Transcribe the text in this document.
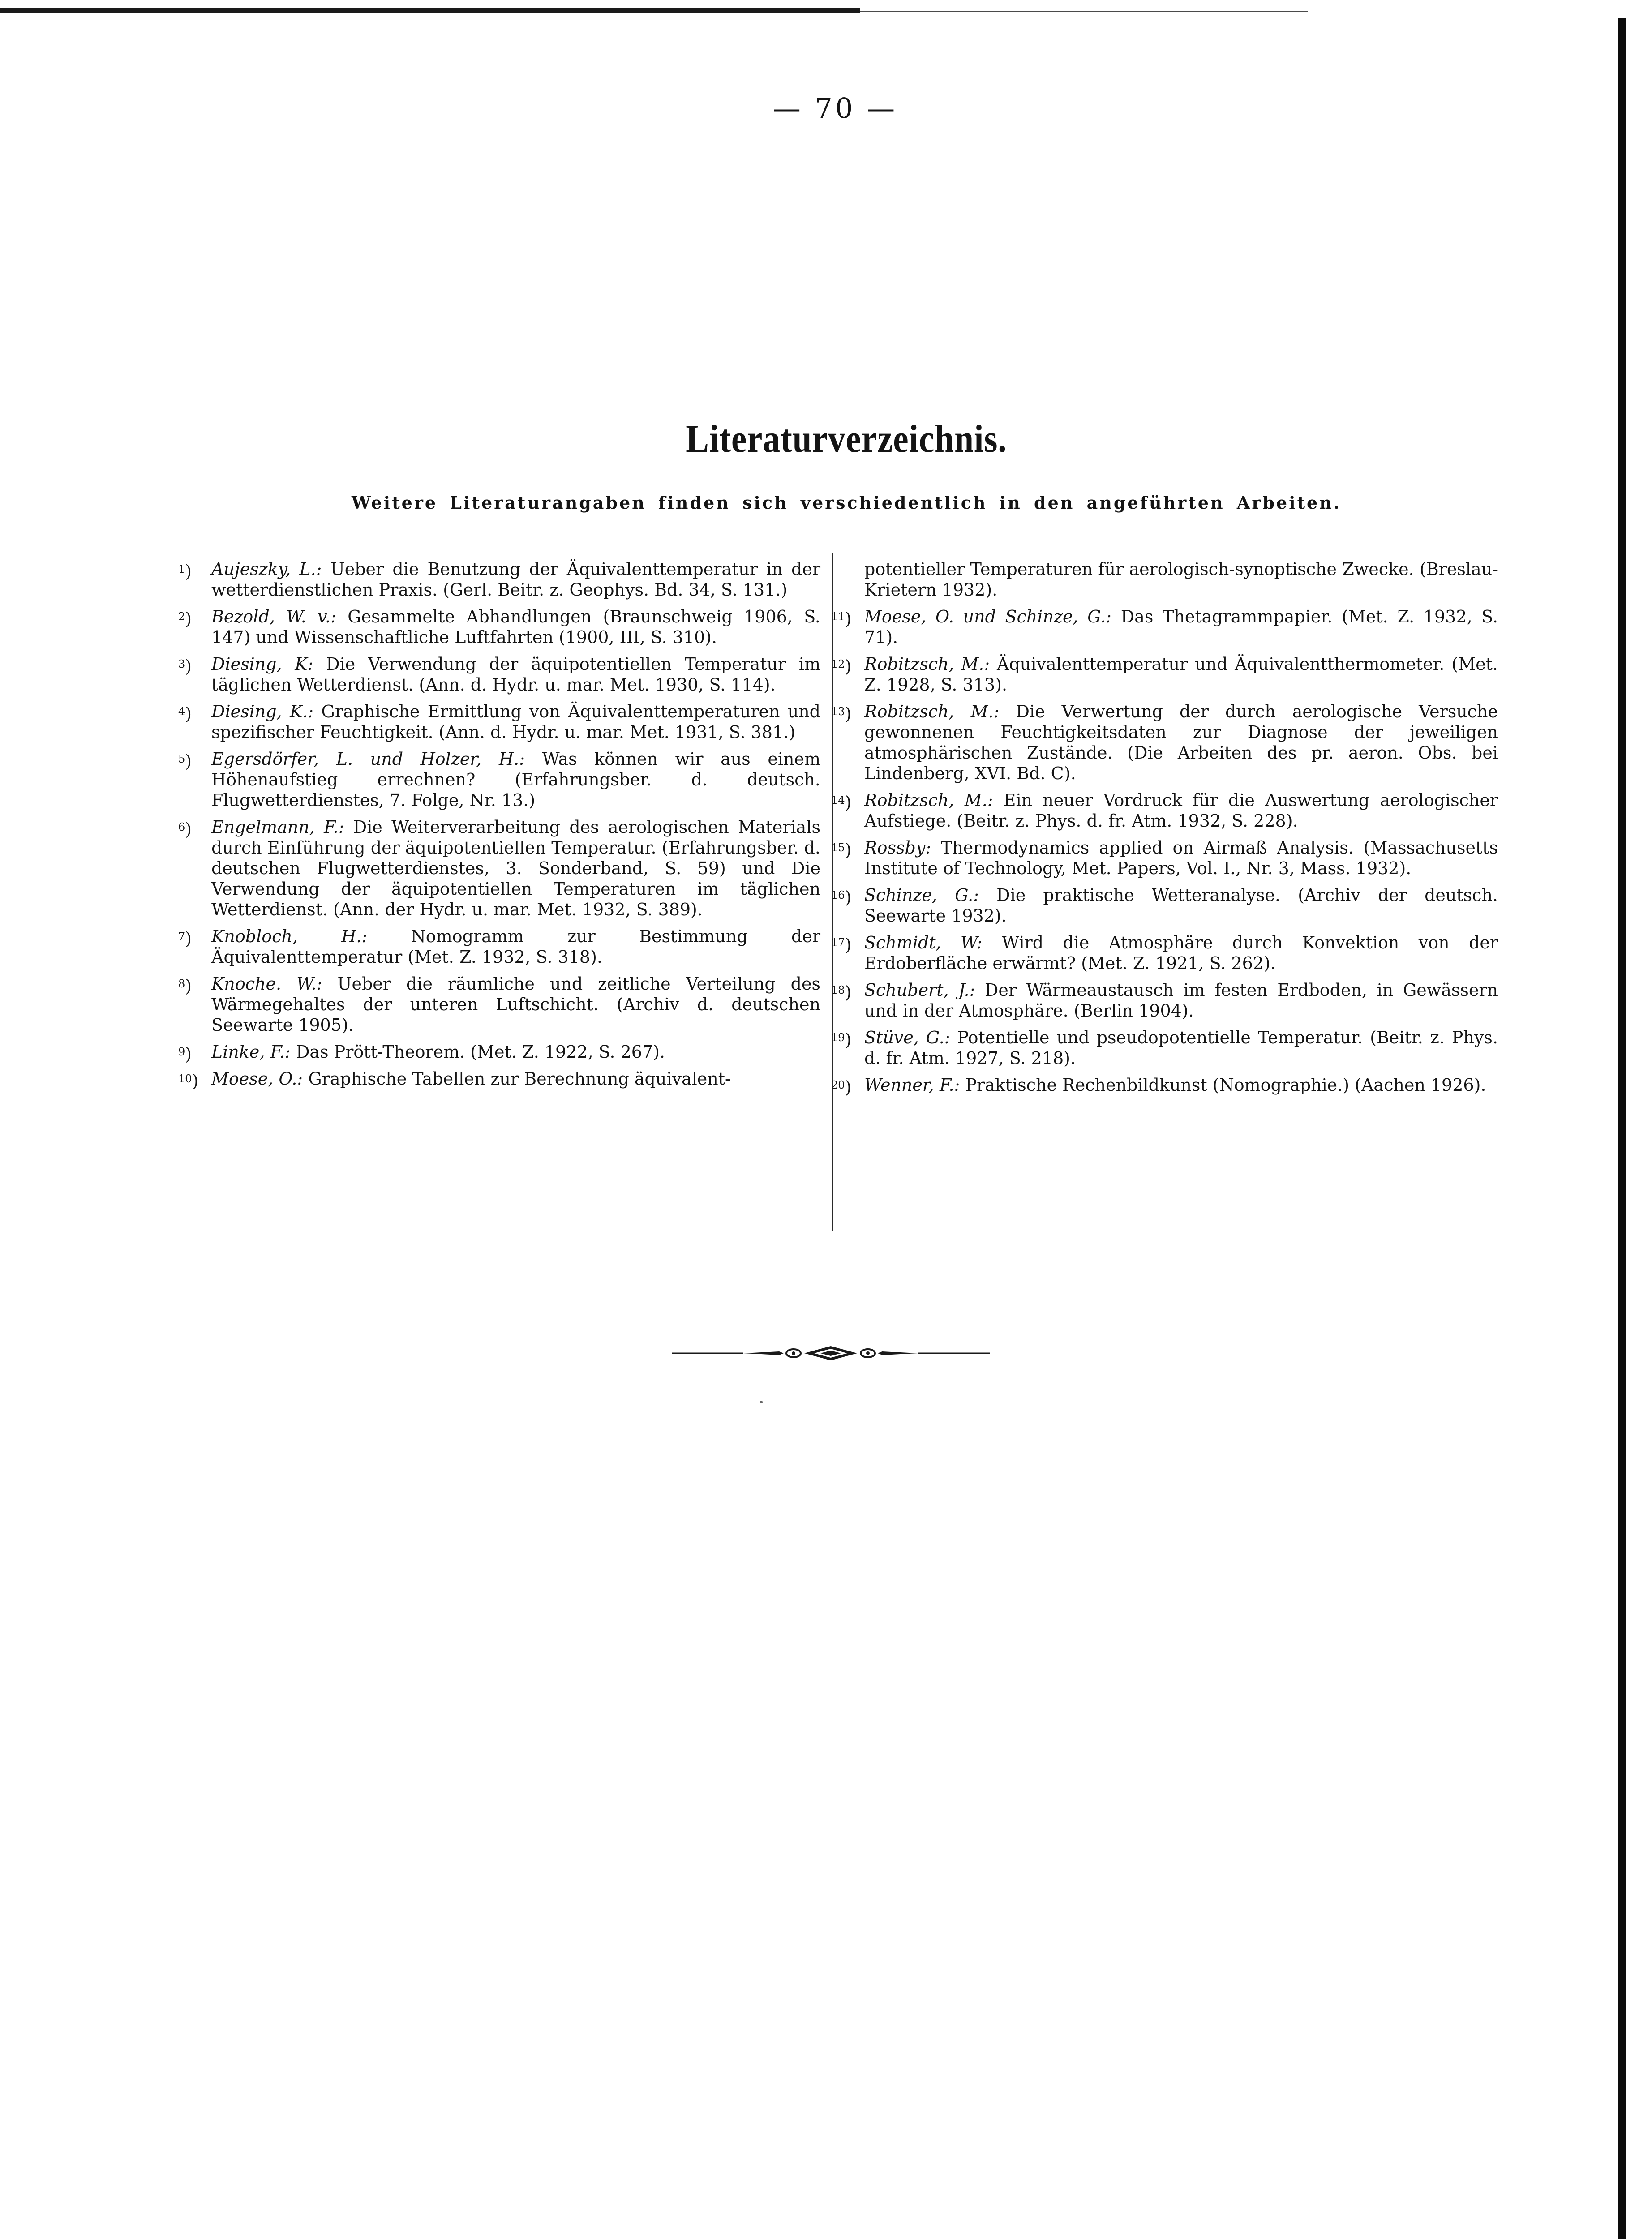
— 70 —
Literaturverzeichnis.
Weitere Literaturangaben finden sich verschiedentlich in den angeführten Arbeiten.
$^1$) Aujeszky, L.: Ueber die Benutzung der Äquivalenttemperatur in der wetterdienstlichen Praxis. (Gerl. Beitr. z. Geophys. Bd. 34, S. 131.)
$^2$) Bezold, W. v.: Gesammelte Abhandlungen (Braunschweig 1906, S. 147) und Wissenschaftliche Luftfahrten (1900, III, S. 310).
$^3$) Diesing, K: Die Verwendung der äquipotentiellen Temperatur im täglichen Wetterdienst. (Ann. d. Hydr. u. mar. Met. 1930, S. 114).
$^4$) Diesing, K.: Graphische Ermittlung von Äquivalenttemperaturen und spezifischer Feuchtigkeit. (Ann. d. Hydr. u. mar. Met. 1931, S. 381.)
$^5$) Egersdörfer, L. und Holzer, H.: Was können wir aus einem Höhenaufstieg errechnen? (Erfahrungsber. d. deutsch. Flugwetterdienstes, 7. Folge, Nr. 13.)
$^6$) Engelmann, F.: Die Weiterverarbeitung des aerologischen Materials durch Einführung der äquipotentiellen Temperatur. (Erfahrungsber. d. deutschen Flugwetterdienstes, 3. Sonderband, S. 59) und Die Verwendung der äquipotentiellen Temperaturen im täglichen Wetterdienst. (Ann. der Hydr. u. mar. Met. 1932, S. 389).
$^7$) Knobloch, H.: Nomogramm zur Bestimmung der Äquivalenttemperatur (Met. Z. 1932, S. 318).
$^8$) Knoche. W.: Ueber die räumliche und zeitliche Verteilung des Wärmegehaltes der unteren Luftschicht. (Archiv d. deutschen Seewarte 1905).
$^9$) Linke, F.: Das Prött-Theorem. (Met. Z. 1922, S. 267).
$^{10}$) Moese, O.: Graphische Tabellen zur Berechnung äquivalent-
potentieller Temperaturen für aerologisch-synoptische Zwecke. (Breslau-Krietern 1932).
$^{11}$) Moese, O. und Schinze, G.: Das Thetagrammpapier. (Met. Z. 1932, S. 71).
$^{12}$) Robitzsch, M.: Äquivalenttemperatur und Äquivalentthermometer. (Met. Z. 1928, S. 313).
$^{13}$) Robitzsch, M.: Die Verwertung der durch aerologische Versuche gewonnenen Feuchtigkeitsdaten zur Diagnose der jeweiligen atmosphärischen Zustände. (Die Arbeiten des pr. aeron. Obs. bei Lindenberg, XVI. Bd. C).
$^{14}$) Robitzsch, M.: Ein neuer Vordruck für die Auswertung aerologischer Aufstiege. (Beitr. z. Phys. d. fr. Atm. 1932, S. 228).
$^{15}$) Rossby: Thermodynamics applied on Airmaß Analysis. (Massachusetts Institute of Technology, Met. Papers, Vol. I., Nr. 3, Mass. 1932).
$^{16}$) Schinze, G.: Die praktische Wetteranalyse. (Archiv der deutsch. Seewarte 1932).
$^{17}$) Schmidt, W: Wird die Atmosphäre durch Konvektion von der Erdoberfläche erwärmt? (Met. Z. 1921, S. 262).
$^{18}$) Schubert, J.: Der Wärmeaustausch im festen Erdboden, in Gewässern und in der Atmosphäre. (Berlin 1904).
$^{19}$) Stüve, G.: Potentielle und pseudopotentielle Temperatur. (Beitr. z. Phys. d. fr. Atm. 1927, S. 218).
$^{20}$) Wenner, F.: Praktische Rechenbildkunst (Nomographie.) (Aachen 1926).
